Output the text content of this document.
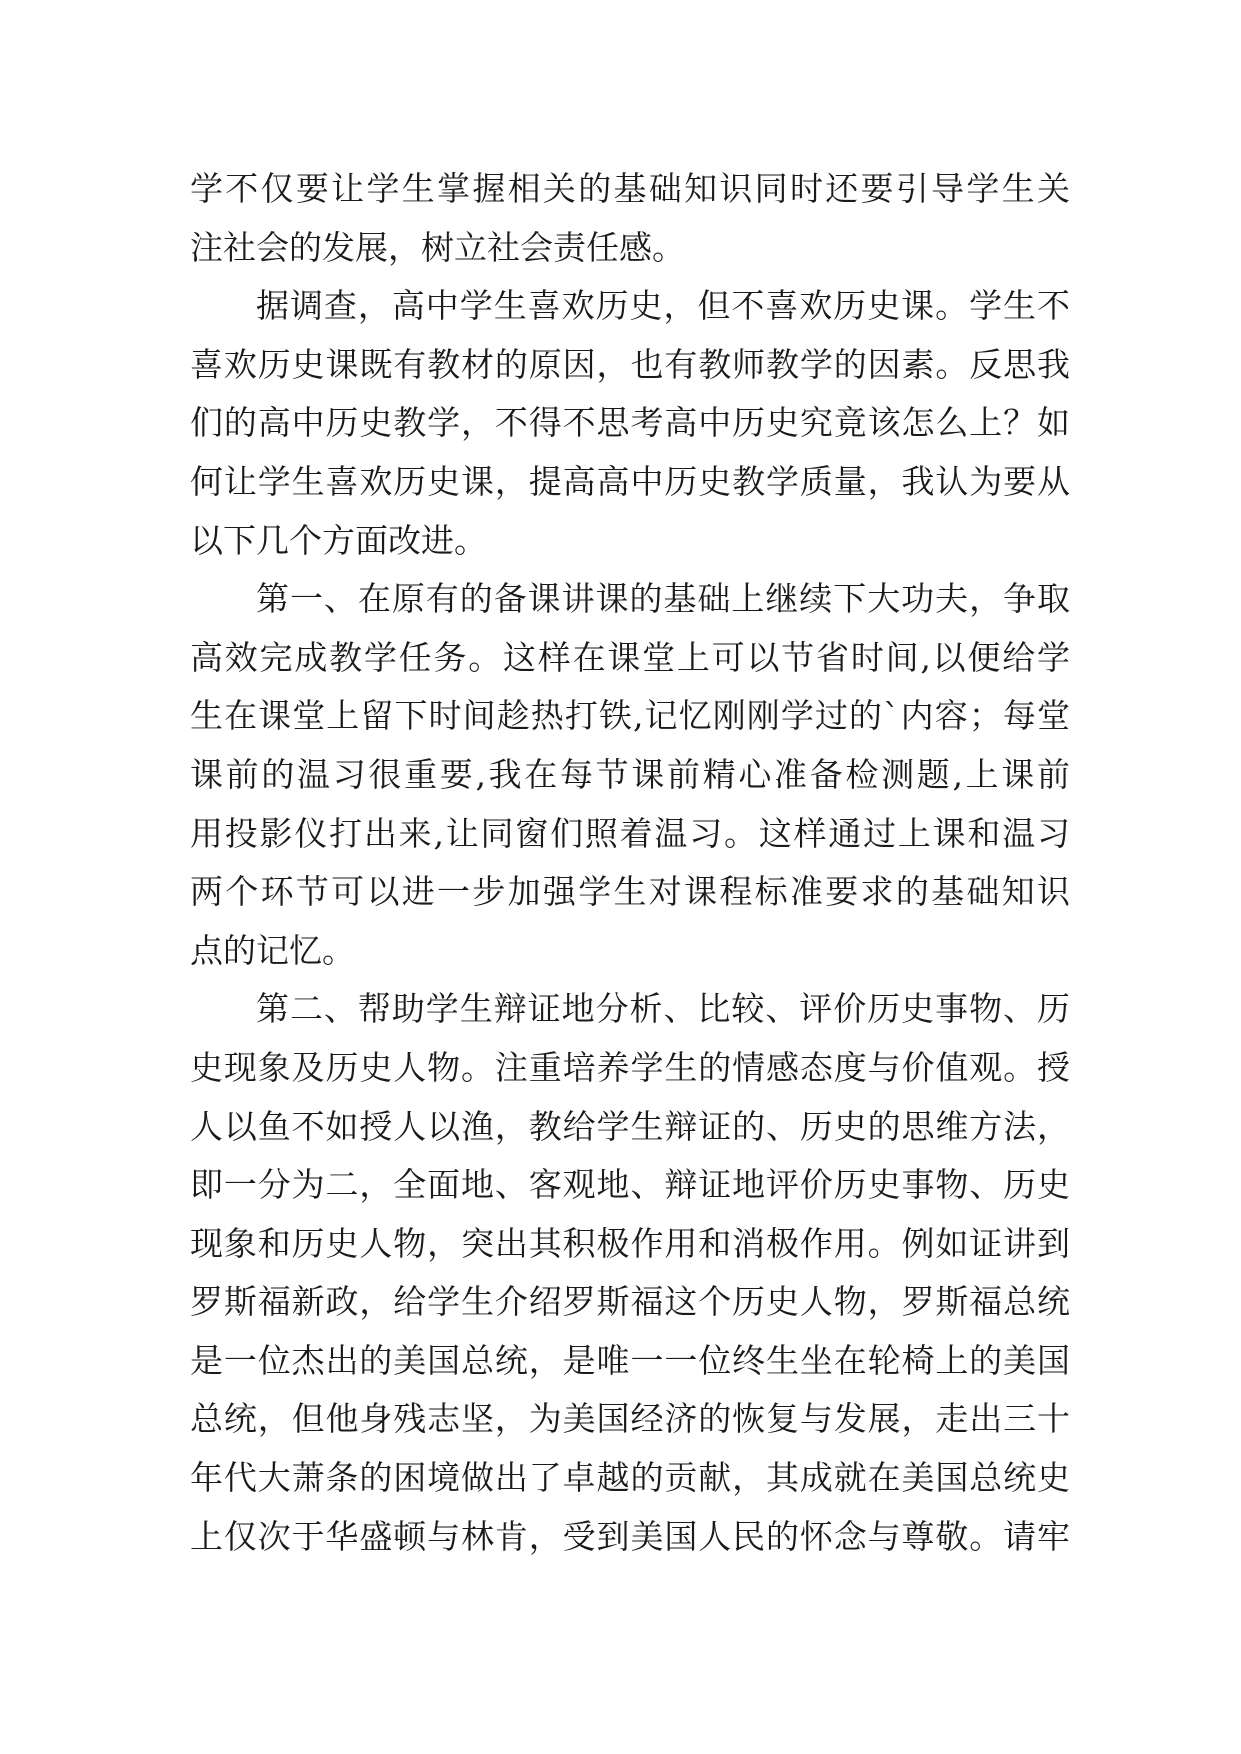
学不仅要让学生掌握相关的基础知识同时还要引导学生关
注社会的发展，树立社会责任感。
据调查，高中学生喜欢历史，但不喜欢历史课。学生不
喜欢历史课既有教材的原因，也有教师教学的因素。反思我
们的高中历史教学，不得不思考高中历史究竟该怎么上？如
何让学生喜欢历史课，提高高中历史教学质量，我认为要从
以下几个方面改进。
第一、在原有的备课讲课的基础上继续下大功夫，争取
高效完成教学任务。这样在课堂上可以节省时间,以便给学
生在课堂上留下时间趁热打铁,记忆刚刚学过的`内容；每堂
课前的温习很重要,我在每节课前精心准备检测题,上课前
用投影仪打出来,让同窗们照着温习。这样通过上课和温习
两个环节可以进一步加强学生对课程标准要求的基础知识
点的记忆。
第二、帮助学生辩证地分析、比较、评价历史事物、历
史现象及历史人物。注重培养学生的情感态度与价值观。授
人以鱼不如授人以渔，教给学生辩证的、历史的思维方法，
即一分为二，全面地、客观地、辩证地评价历史事物、历史
现象和历史人物，突出其积极作用和消极作用。例如证讲到
罗斯福新政，给学生介绍罗斯福这个历史人物，罗斯福总统
是一位杰出的美国总统，是唯一一位终生坐在轮椅上的美国
总统，但他身残志坚，为美国经济的恢复与发展，走出三十
年代大萧条的困境做出了卓越的贡献，其成就在美国总统史
上仅次于华盛顿与林肯，受到美国人民的怀念与尊敬。请牢
